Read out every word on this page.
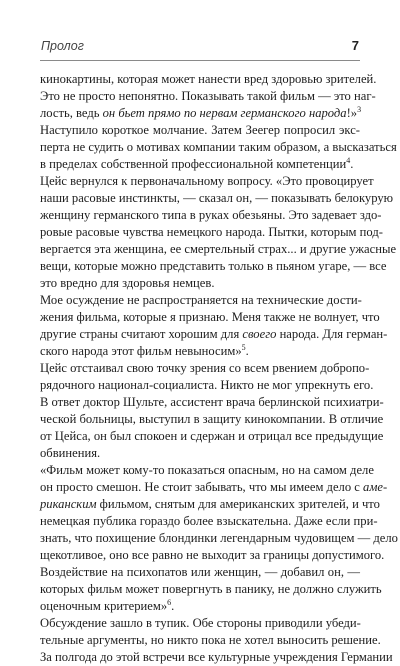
Пролог	7
кинокартины, которая может нанести вред здоровью зрителей.
Это не просто непонятно. Показывать такой фильм — это наг-
лость, ведь он бьет прямо по нервам германского народа!»$^3$
Наступило короткое молчание. Затем Зеегер попросил экс-
перта не судить о мотивах компании таким образом, а высказаться
в пределах собственной профессиональной компетенции$^4$.
Цейс вернулся к первоначальному вопросу. «Это провоцирует
наши расовые инстинкты, — сказал он, — показывать белокурую
женщину германского типа в руках обезьяны. Это задевает здо-
ровые расовые чувства немецкого народа. Пытки, которым под-
вергается эта женщина, ее смертельный страх... и другие ужасные
вещи, которые можно представить только в пьяном угаре, — все
это вредно для здоровья немцев.
Мое осуждение не распространяется на технические дости-
жения фильма, которые я признаю. Меня также не волнует, что
другие страны считают хорошим для своего народа. Для герман-
ского народа этот фильм невыносим»$^5$.
Цейс отстаивал свою точку зрения со всем рвением добропо-
рядочного национал-социалиста. Никто не мог упрекнуть его.
В ответ доктор Шульте, ассистент врача берлинской психиатри-
ческой больницы, выступил в защиту кинокомпании. В отличие
от Цейса, он был спокоен и сдержан и отрицал все предыдущие
обвинения.
«Фильм может кому-то показаться опасным, но на самом деле
он просто смешон. Не стоит забывать, что мы имеем дело с аме-
риканским фильмом, снятым для американских зрителей, и что
немецкая публика гораздо более взыскательна. Даже если при-
знать, что похищение блондинки легендарным чудовищем — дело
щекотливое, оно все равно не выходит за границы допустимого.
Воздействие на психопатов или женщин, — добавил он, —
которых фильм может повергнуть в панику, не должно служить
оценочным критерием»$^6$.
Обсуждение зашло в тупик. Обе стороны приводили убеди-
тельные аргументы, но никто пока не хотел выносить решение.
За полгода до этой встречи все культурные учреждения Германии
